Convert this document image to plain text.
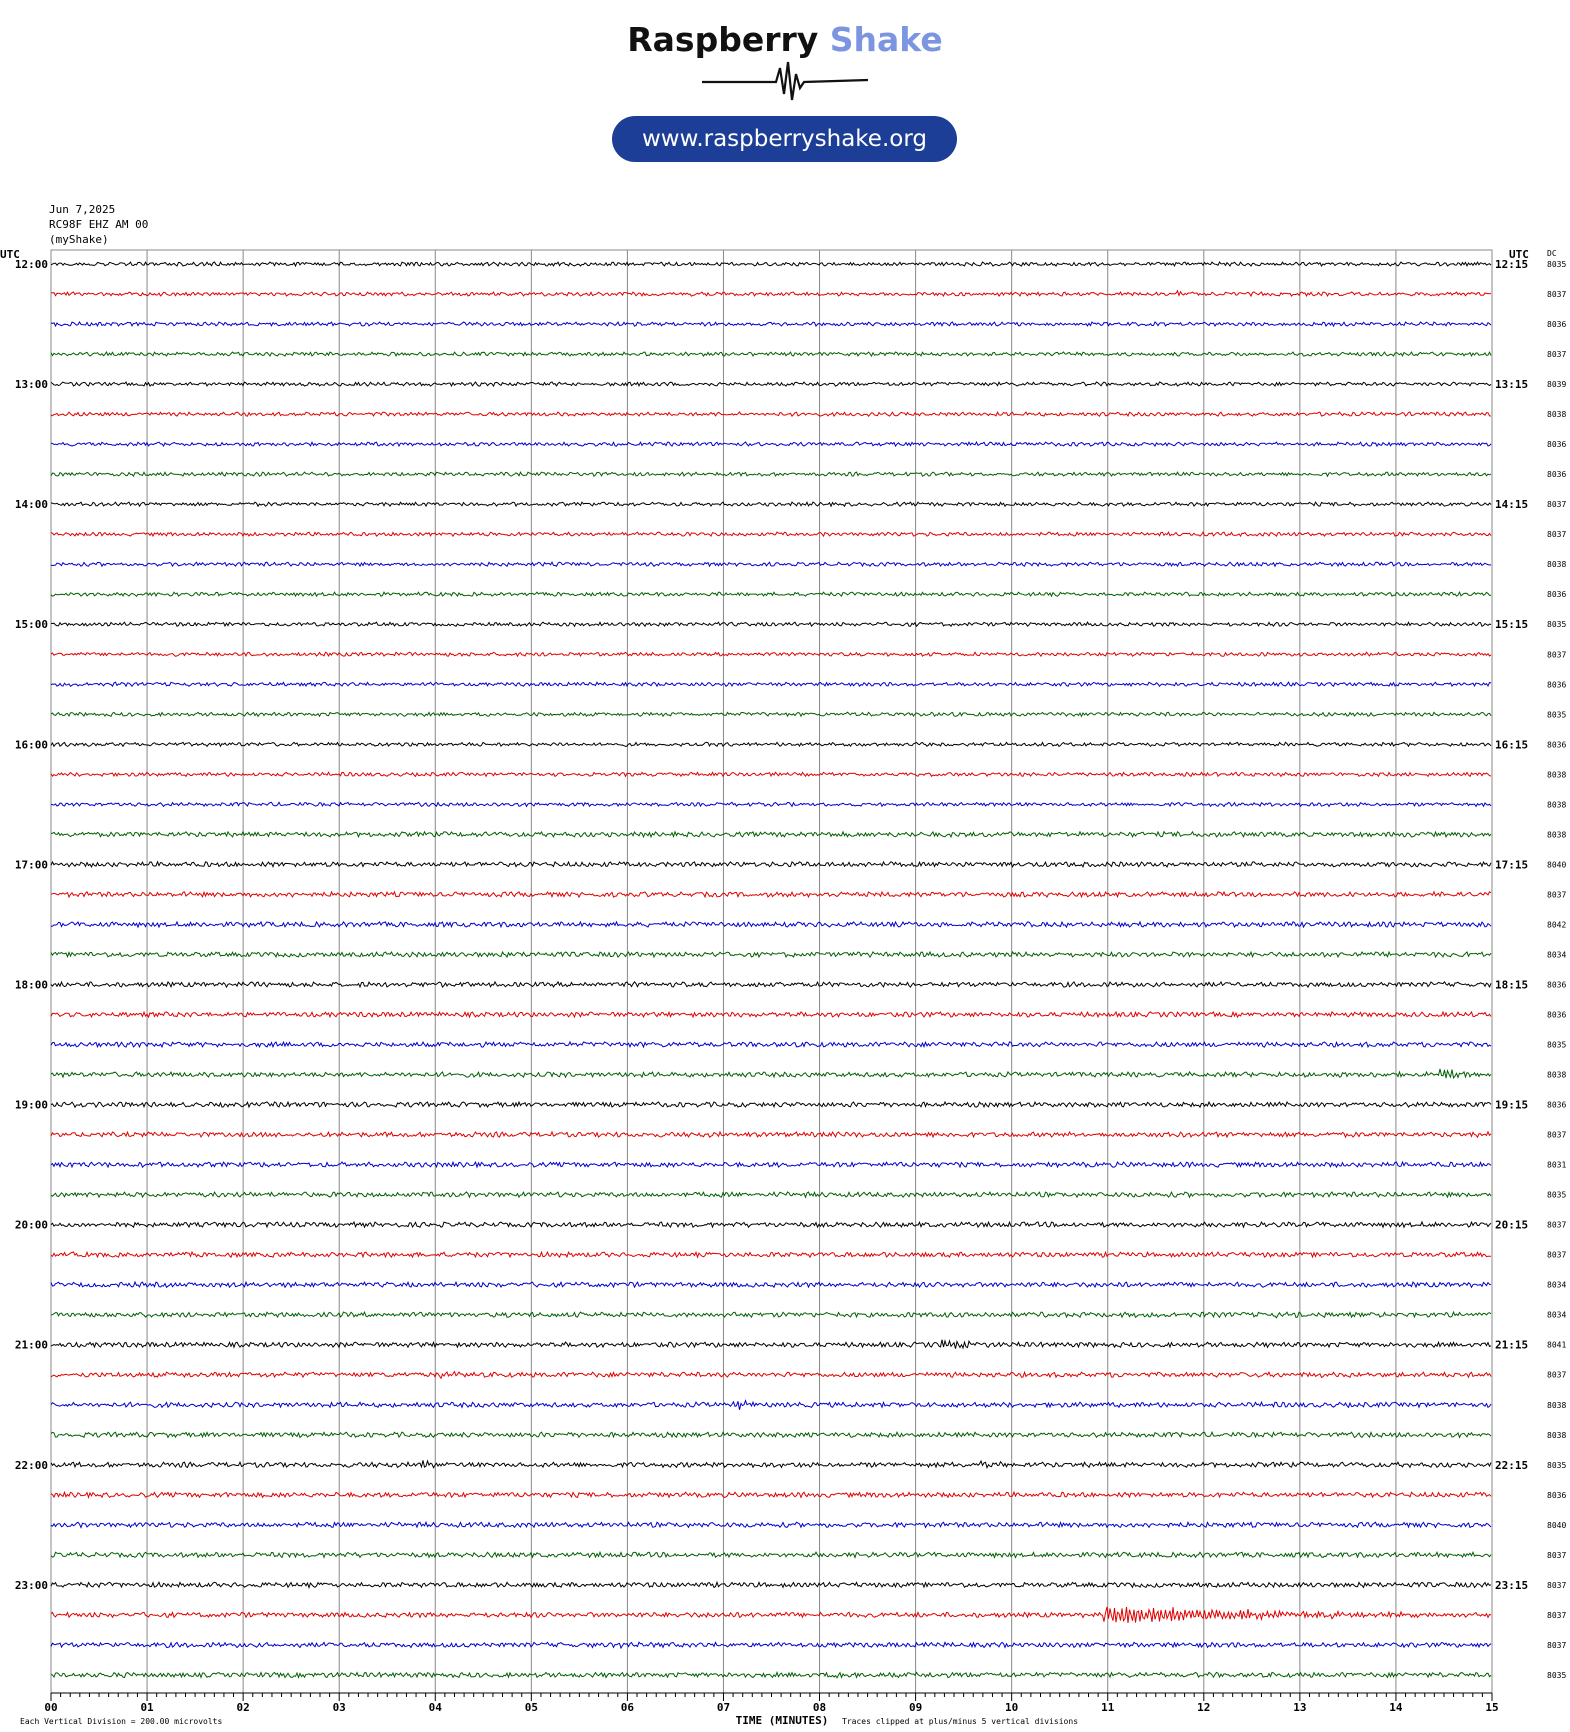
Raspberry Shake
www.raspberryshake.org
Jun 7,2025
RC98F EHZ AM 00
(myShake)
UTC	UTC DC
12:00
13:00
14:00
15:00
16:00
17:00
18:00
19:00
20:00
21:00
22:00
23:00
12:15
13:15
14:15
15:15
16:15
17:15
18:15
19:15
20:15
21:15
22:15
23:15
8035
8037
8036
8037
8039
8038
8036
8036
8037
8037
8038
8036
8035
8037
8036
8035
8036
8038
8038
8038
8040
8037
8042
8034
8036
8036
8035
8038
8036
8037
8031
8035
8037
8037
8034
8034
8041
8037
8038
8038
8035
8036
8040
8037
8037
8037
8037
8035
00	01	02	03	04	05	06	07	08	09	10	11	12	13	14	15
Each Vertical Division = 200.00 microvolts	TIME (MINUTES) Traces clipped at plus/minus 5 vertical divisions
